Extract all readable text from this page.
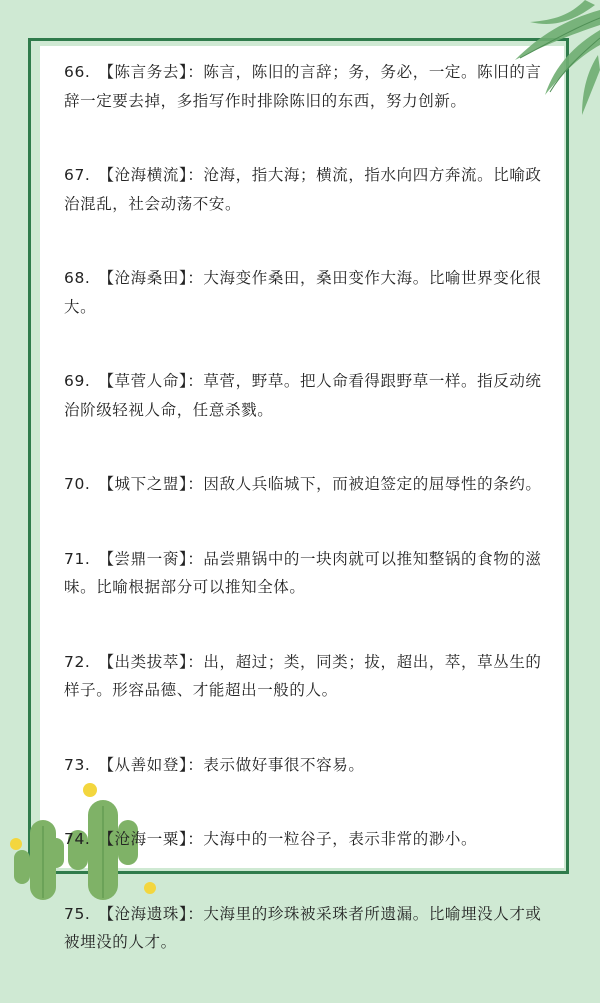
66. 【陈言务去】：陈言，陈旧的言辞；务，务必，一定。陈旧的言辞一定要去掉，多指写作时排除陈旧的东西，努力创新。
67. 【沧海横流】：沧海，指大海；横流，指水向四方奔流。比喻政治混乱，社会动荡不安。
68. 【沧海桑田】：大海变作桑田，桑田变作大海。比喻世界变化很大。
69. 【草菅人命】：草菅，野草。把人命看得跟野草一样。指反动统治阶级轻视人命，任意杀戮。
70. 【城下之盟】：因敌人兵临城下，而被迫签定的屈辱性的条约。
71. 【尝鼎一脔】：品尝鼎锅中的一块肉就可以推知整锅的食物的滋味。比喻根据部分可以推知全体。
72. 【出类拔萃】：出，超过；类，同类；拔，超出，萃，草丛生的样子。形容品德、才能超出一般的人。
73. 【从善如登】：表示做好事很不容易。
74. 【沧海一粟】：大海中的一粒谷子，表示非常的渺小。
75. 【沧海遗珠】：大海里的珍珠被采珠者所遗漏。比喻埋没人才或被埋没的人才。
